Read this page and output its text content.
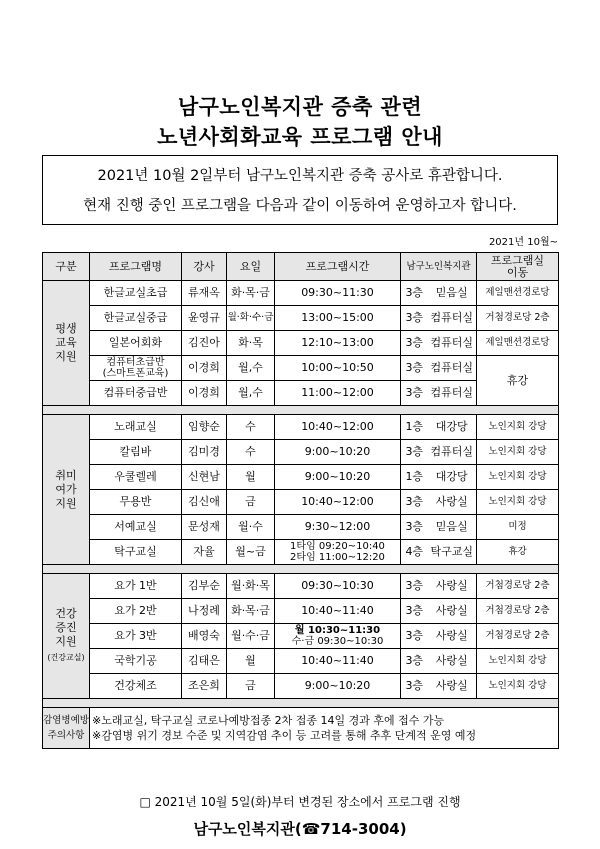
남구노인복지관 증축 관련
노년사회화교육 프로그램 안내
2021년 10월 2일부터 남구노인복지관 증축 공사로 휴관합니다.
현재 진행 중인 프로그램을 다음과 같이 이동하여 운영하고자 합니다.
2021년 10월~
구분	프로그램명	강사	요일	프로그램시간	남구노인복지관		프로그램실
이동
평생
교육
지원	한글교실초급	류재옥	화·목·금	09:30~11:30	3층	믿음실	제일맨션경로당
	한글교실중급	윤영규	월·화·수·금	13:00~15:00	3층	컴퓨터실	거첨경로당 2층
	일본어회화	김진아	화·목	12:10~13:00	3층	컴퓨터실	제일맨션경로당
	컴퓨터초급반
(스마트폰교육)	이경희	월,수	10:00~10:50	3층	컴퓨터실	휴강
	컴퓨터중급반	이경희	월,수	11:00~12:00	3층	컴퓨터실	

취미
여가
지원	노래교실	임향순	수	10:40~12:00	1층	대강당	노인지회 강당
	칼림바	김미경	수	9:00~10:20	3층	컴퓨터실	노인지회 강당
	우쿨렐레	신현남	월	9:00~10:20	1층	대강당	노인지회 강당
	무용반	김신애	금	10:40~12:00	3층	사랑실	노인지회 강당
	서예교실	문성재	월·수	9:30~12:00	3층	믿음실	미정
	탁구교실	자율	월~금	1타임 09:20~10:40
2타임 11:00~12:20	4층	탁구교실	휴강

건강
증진
지원
(건강교실)	요가 1반	김부순	월·화·목	09:30~10:30	3층	사랑실	거첨경로당 2층
	요가 2반	나정례	화·목·금	10:40~11:40	3층	사랑실	거첨경로당 2층
	요가 3반	배영숙	월·수·금	월 10:30~11:30
수·금 09:30~10:30	3층	사랑실	거첨경로당 2층
	국학기공	김태은	월	10:40~11:40	3층	사랑실	노인지회 강당
	건강체조	조은희	금	9:00~10:20	3층	사랑실	노인지회 강당

감염병예방
주의사항	※노래교실, 탁구교실 코로나예방접종 2차 접종 14일 경과 후에 접수 가능
※감염병 위기 경보 수준 및 지역감염 추이 등 고려를 통해 추후 단계적 운영 예정						
□ 2021년 10월 5일(화)부터 변경된 장소에서 프로그램 진행
남구노인복지관(☎714-3004)
